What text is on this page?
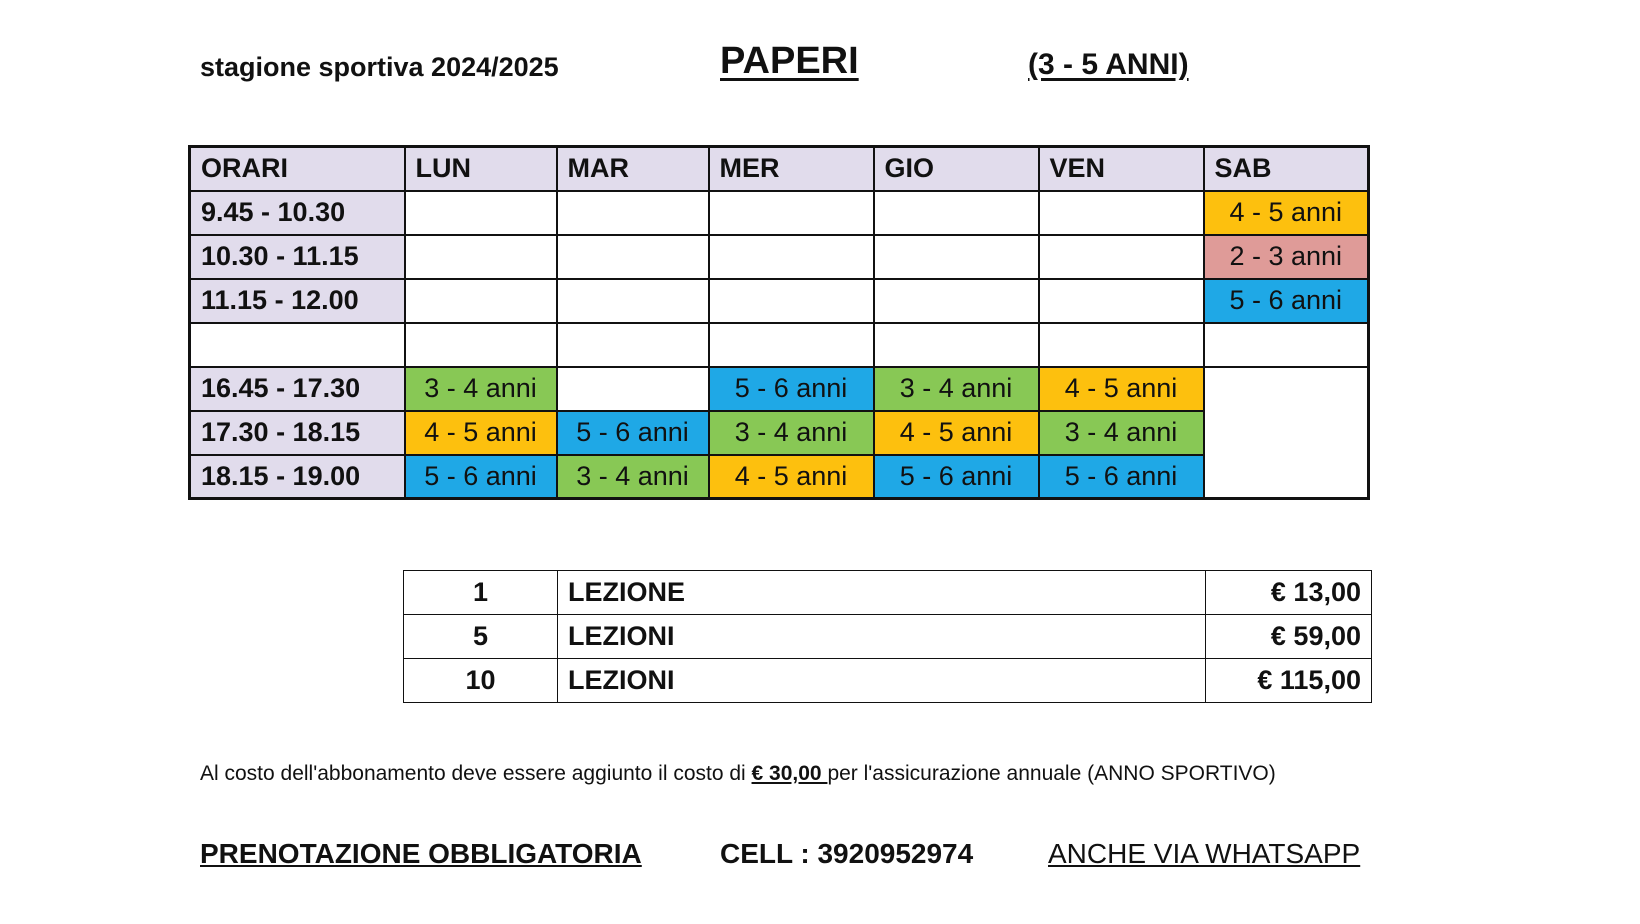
stagione sportiva 2024/2025	PAPERI	(3 - 5 ANNI)
ORARI	LUN	MAR	MER	GIO	VEN	SAB
9.45 - 10.30						4 - 5 anni
10.30 - 11.15						2 - 3 anni
11.15 - 12.00						5 - 6 anni

16.45 - 17.30	3 - 4 anni		5 - 6 anni	3 - 4 anni	4 - 5 anni	
17.30 - 18.15	4 - 5 anni	5 - 6 anni	3 - 4 anni	4 - 5 anni	3 - 4 anni	
18.15 - 19.00	5 - 6 anni	3 - 4 anni	4 - 5 anni	5 - 6 anni	5 - 6 anni	
1	LEZIONE	€ 13,00
5	LEZIONI	€ 59,00
10	LEZIONI	€ 115,00
Al costo dell'abbonamento deve essere aggiunto il costo di € 30,00 per l'assicurazione annuale (ANNO SPORTIVO)
PRENOTAZIONE OBBLIGATORIA	CELL : 3920952974	ANCHE VIA WHATSAPP
